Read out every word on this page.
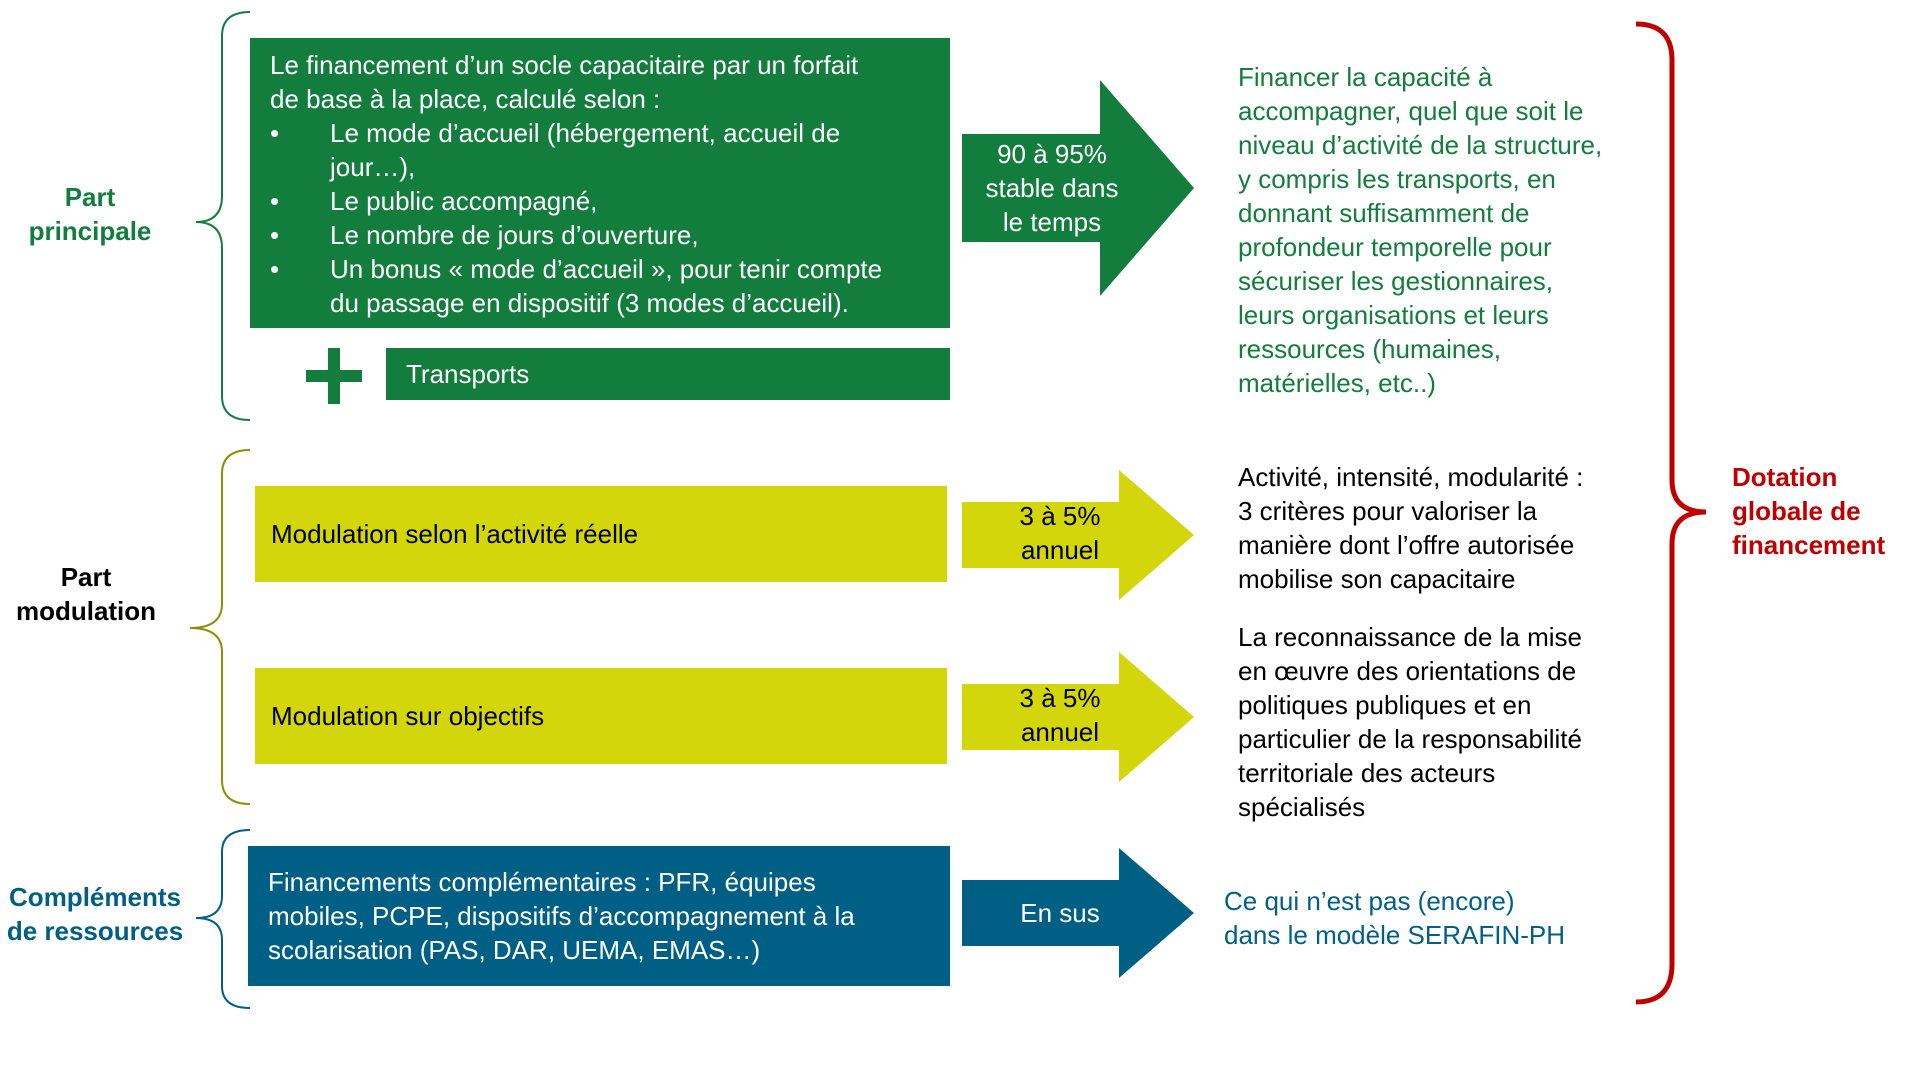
Part
principale
Part
modulation
Compléments
de ressources
Le financement d’un socle capacitaire par un forfait
de base à la place, calculé selon :
• Le mode d’accueil (hébergement, accueil de
jour…),
• Le public accompagné,
• Le nombre de jours d’ouverture,
• Un bonus « mode d’accueil », pour tenir compte
du passage en dispositif (3 modes d’accueil).
Transports
90 à 95%
stable dans
le temps
Financer la capacité à
accompagner, quel que soit le
niveau d’activité de la structure,
y compris les transports, en
donnant suffisamment de
profondeur temporelle pour
sécuriser les gestionnaires,
leurs organisations et leurs
ressources (humaines,
matérielles, etc..)
Modulation selon l’activité réelle
3 à 5%
annuel
Activité, intensité, modularité :
3 critères pour valoriser la
manière dont l’offre autorisée
mobilise son capacitaire
Modulation sur objectifs
3 à 5%
annuel
La reconnaissance de la mise
en œuvre des orientations de
politiques publiques et en
particulier de la responsabilité
territoriale des acteurs
spécialisés
Financements complémentaires : PFR, équipes
mobiles, PCPE, dispositifs d’accompagnement à la
scolarisation (PAS, DAR, UEMA, EMAS…)
En sus	Ce qui n’est pas (encore)
dans le modèle SERAFIN-PH
Dotation
globale de
financement
